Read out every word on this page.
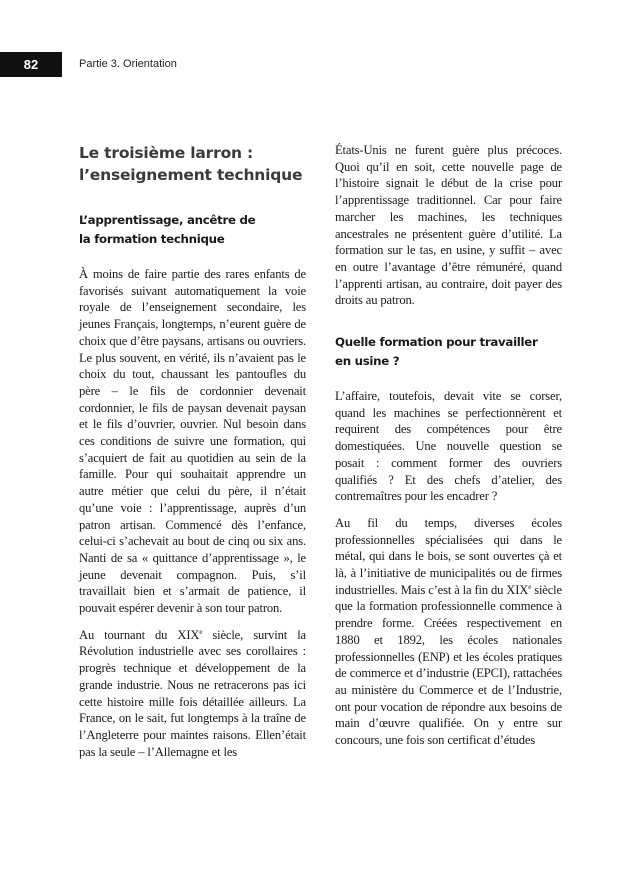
82	Partie 3. Orientation
Le troisième larron :
l’enseignement technique
L’apprentissage, ancêtre de
la formation technique

À moins de faire partie des rares enfants de favorisés suivant automatiquement la voie royale de l’enseignement secondaire, les jeunes Français, longtemps, n’eurent guère de choix que d’être paysans, artisans ou ouvriers. Le plus souvent, en vérité, ils n’avaient pas le choix du tout, chaussant les pantoufles du père – le fils de cordonnier devenait cordonnier, le fils de paysan devenait paysan et le fils d’ouvrier, ouvrier. Nul besoin dans ces conditions de suivre une formation, qui s’acquiert de fait au quotidien au sein de la famille. Pour qui souhaitait apprendre un autre métier que celui du père, il n’était qu’une voie : l’apprentissage, auprès d’un patron artisan. Commencé dès l’enfance, celui-ci s’achevait au bout de cinq ou six ans. Nanti de sa « quittance d’apprentissage », le jeune devenait compagnon. Puis, s’il travaillait bien et s’armait de patience, il pouvait espérer devenir à son tour patron.

Au tournant du XIXe siècle, survint la Révolution industrielle avec ses corollaires : progrès technique et développement de la grande industrie. Nous ne retracerons pas ici cette histoire mille fois détaillée ailleurs. La France, on le sait, fut longtemps à la traîne de l’Angleterre pour maintes raisons. Ellen’était pas la seule – l’Allemagne et les

États-Unis ne furent guère plus précoces. Quoi qu’il en soit, cette nouvelle page de l’histoire signait le début de la crise pour l’apprentissage traditionnel. Car pour faire marcher les machines, les techniques ancestrales ne présentent guère d’utilité. La formation sur le tas, en usine, y suffit – avec en outre l’avantage d’être rémunéré, quand l’apprenti artisan, au contraire, doit payer des droits au patron.

Quelle formation pour travailler
en usine ?

L’affaire, toutefois, devait vite se corser, quand les machines se perfectionnèrent et requirent des compétences pour être domestiquées. Une nouvelle question se posait : comment former des ouvriers qualifiés ? Et des chefs d’atelier, des contremaîtres pour les encadrer ?

Au fil du temps, diverses écoles professionnelles spécialisées qui dans le métal, qui dans le bois, se sont ouvertes çà et là, à l’initiative de municipalités ou de firmes industrielles. Mais c’est à la fin du XIXe siècle que la formation professionnelle commence à prendre forme. Créées respectivement en 1880 et 1892, les écoles nationales professionnelles (ENP) et les écoles pratiques de commerce et d’industrie (EPCI), rattachées au ministère du Commerce et de l’Industrie, ont pour vocation de répondre aux besoins de main d’œuvre qualifiée. On y entre sur concours, une fois son certificat d’études
